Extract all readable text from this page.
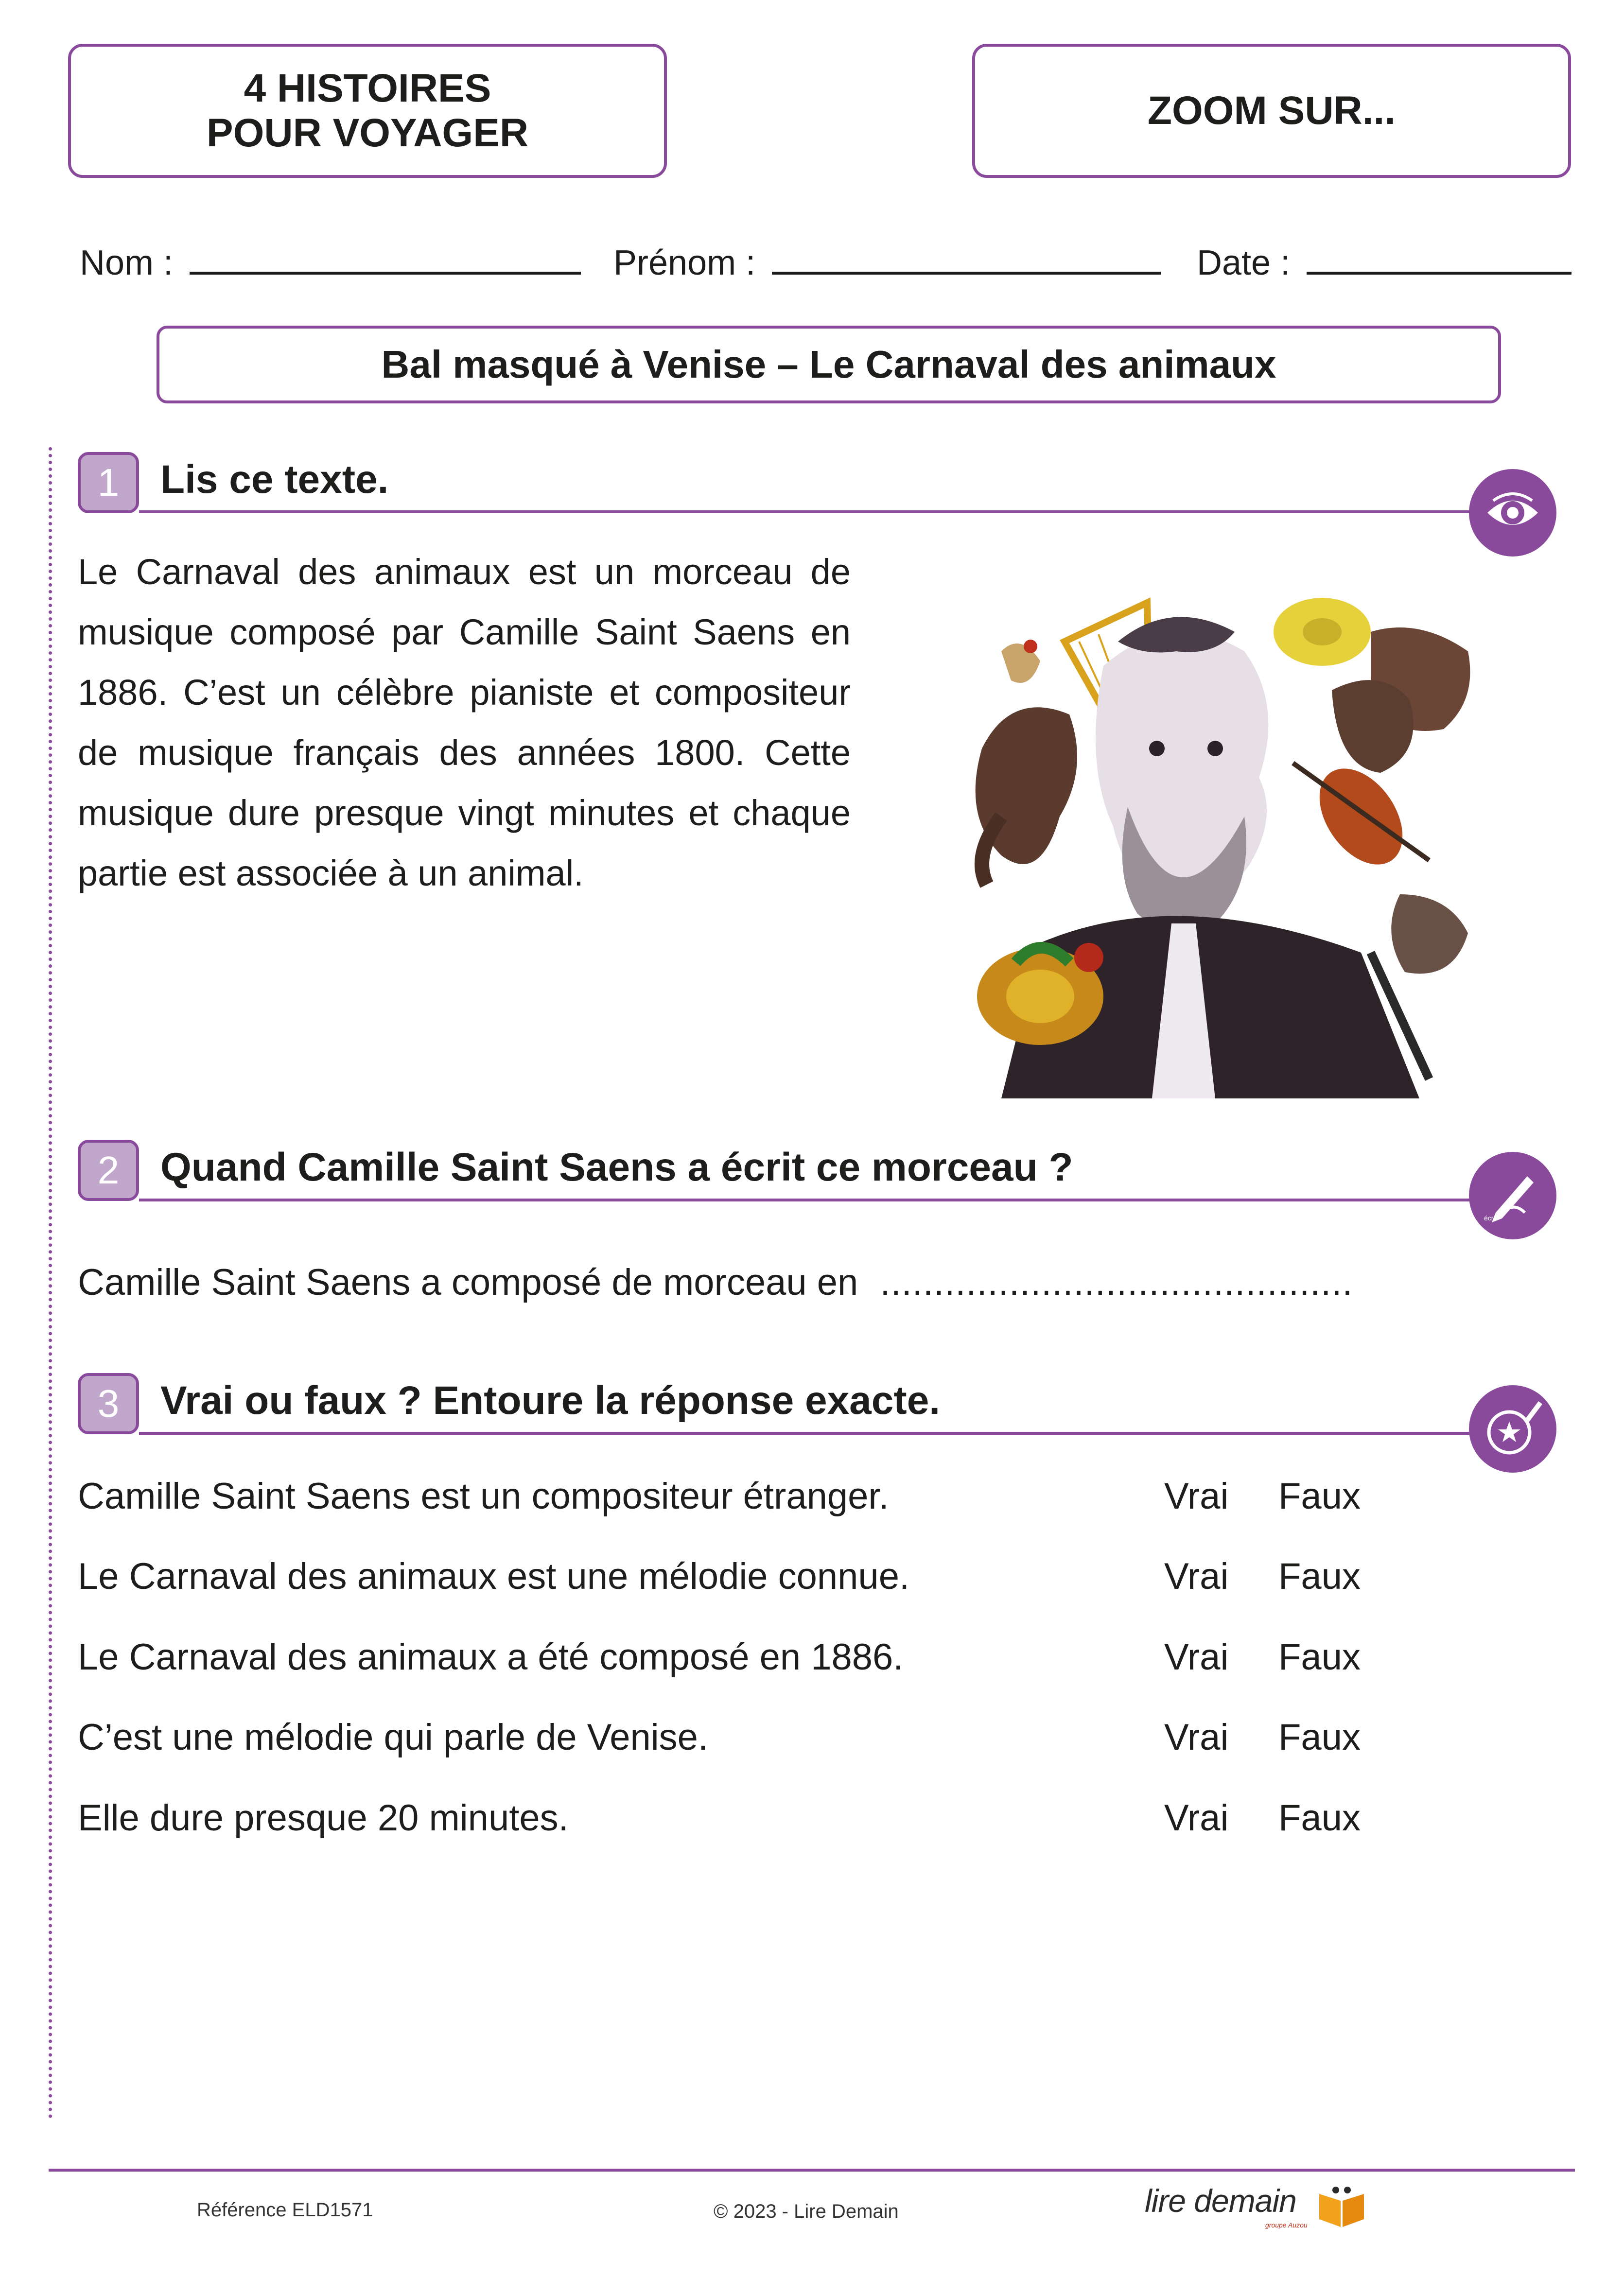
4 HISTOIRES
POUR VOYAGER
ZOOM SUR...
Nom :	Prénom :	Date :
Bal masqué à Venise – Le Carnaval des animaux
1	Lis ce texte.
Le Carnaval des animaux est un morceau de musique composé par Camille Saint Saens en 1886. C’est un célèbre pianiste et compositeur de musique français des années 1800. Cette musique dure presque vingt minutes et chaque partie est associée à un animal.
2	Quand Camille Saint Saens a écrit ce morceau ?
écris
Camille Saint Saens a composé de morceau en ............................................
3	Vrai ou faux ? Entoure la réponse exacte.
Camille Saint Saens est un compositeur étranger.	Vrai Faux
Le Carnaval des animaux est une mélodie connue.	Vrai Faux
Le Carnaval des animaux a été composé en 1886.	Vrai Faux
C’est une mélodie qui parle de Venise.	Vrai Faux
Elle dure presque 20 minutes.	Vrai Faux
Référence ELD1571	© 2023 - Lire Demain	lire demain
groupe Auzou
